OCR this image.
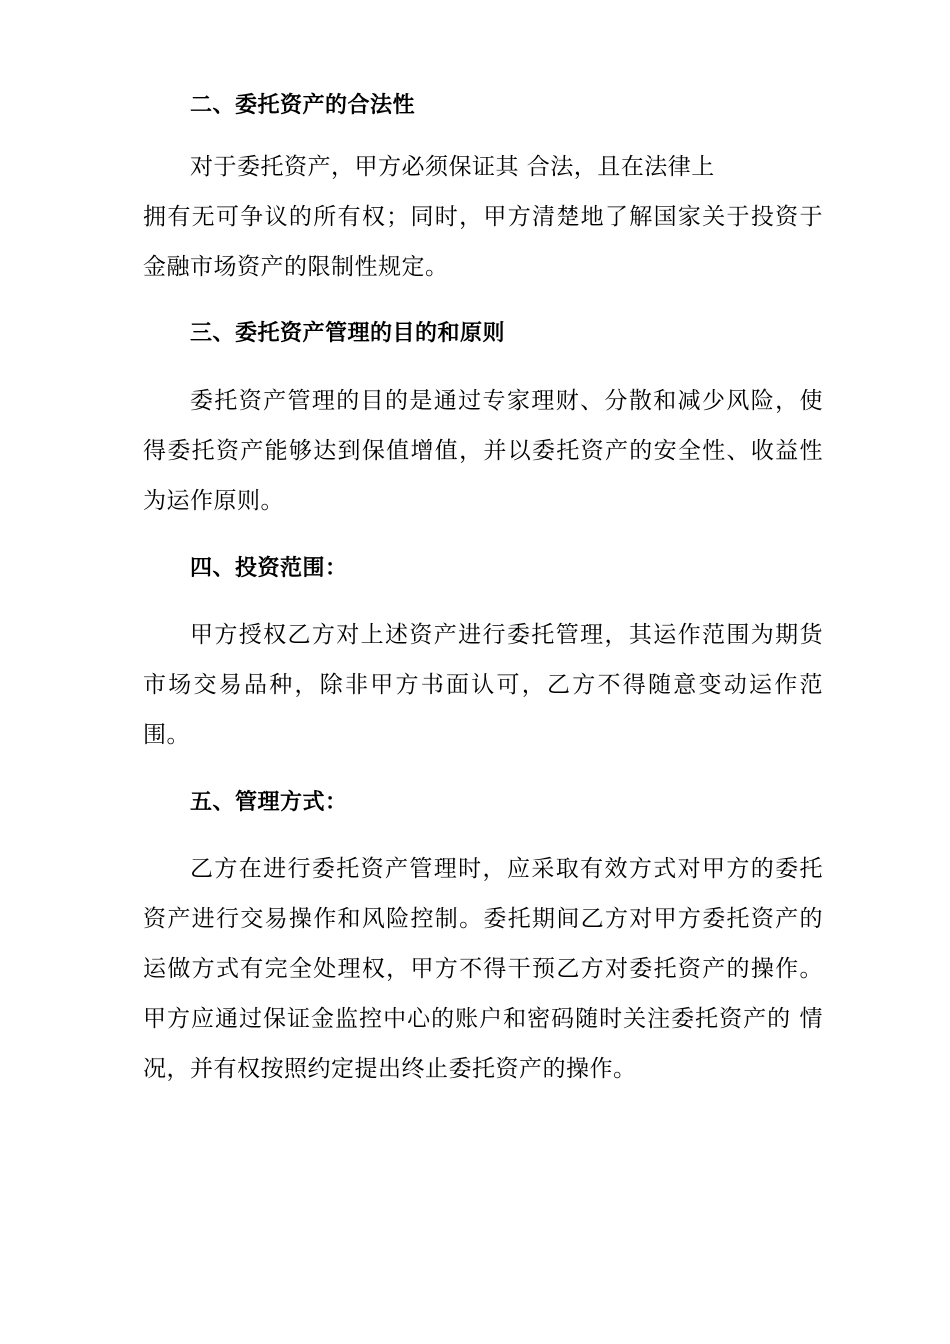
二、委托资产的合法性
对于委托资产，甲方必须保证其 合法，且在法律上
拥有无可争议的所有权；同时，甲方清楚地了解国家关于投资于
金融市场资产的限制性规定。
三、委托资产管理的目的和原则
委托资产管理的目的是通过专家理财、分散和减少风险，使
得委托资产能够达到保值增值，并以委托资产的安全性、收益性
为运作原则。
四、投资范围：
甲方授权乙方对上述资产进行委托管理，其运作范围为期货
市场交易品种，除非甲方书面认可，乙方不得随意变动运作范
围。
五、管理方式：
乙方在进行委托资产管理时，应采取有效方式对甲方的委托
资产进行交易操作和风险控制。委托期间乙方对甲方委托资产的
运做方式有完全处理权，甲方不得干预乙方对委托资产的操作。
甲方应通过保证金监控中心的账户和密码随时关注委托资产的 情
况，并有权按照约定提出终止委托资产的操作。
